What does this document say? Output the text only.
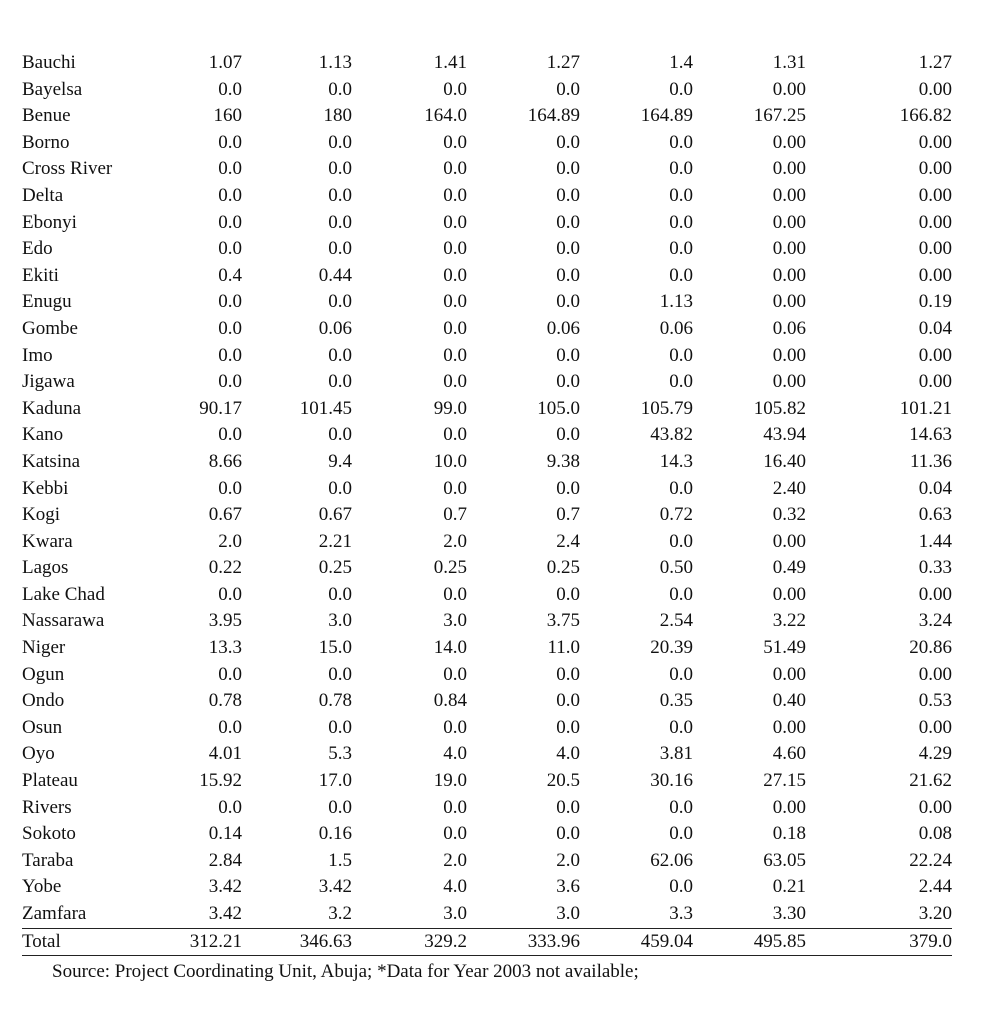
Bauchi	1.07	1.13	1.41	1.27	1.4	1.31	1.27
Bayelsa	0.0	0.0	0.0	0.0	0.0	0.00	0.00
Benue	160	180	164.0	164.89	164.89	167.25	166.82
Borno	0.0	0.0	0.0	0.0	0.0	0.00	0.00
Cross River	0.0	0.0	0.0	0.0	0.0	0.00	0.00
Delta	0.0	0.0	0.0	0.0	0.0	0.00	0.00
Ebonyi	0.0	0.0	0.0	0.0	0.0	0.00	0.00
Edo	0.0	0.0	0.0	0.0	0.0	0.00	0.00
Ekiti	0.4	0.44	0.0	0.0	0.0	0.00	0.00
Enugu	0.0	0.0	0.0	0.0	1.13	0.00	0.19
Gombe	0.0	0.06	0.0	0.06	0.06	0.06	0.04
Imo	0.0	0.0	0.0	0.0	0.0	0.00	0.00
Jigawa	0.0	0.0	0.0	0.0	0.0	0.00	0.00
Kaduna	90.17	101.45	99.0	105.0	105.79	105.82	101.21
Kano	0.0	0.0	0.0	0.0	43.82	43.94	14.63
Katsina	8.66	9.4	10.0	9.38	14.3	16.40	11.36
Kebbi	0.0	0.0	0.0	0.0	0.0	2.40	0.04
Kogi	0.67	0.67	0.7	0.7	0.72	0.32	0.63
Kwara	2.0	2.21	2.0	2.4	0.0	0.00	1.44
Lagos	0.22	0.25	0.25	0.25	0.50	0.49	0.33
Lake Chad	0.0	0.0	0.0	0.0	0.0	0.00	0.00
Nassarawa	3.95	3.0	3.0	3.75	2.54	3.22	3.24
Niger	13.3	15.0	14.0	11.0	20.39	51.49	20.86
Ogun	0.0	0.0	0.0	0.0	0.0	0.00	0.00
Ondo	0.78	0.78	0.84	0.0	0.35	0.40	0.53
Osun	0.0	0.0	0.0	0.0	0.0	0.00	0.00
Oyo	4.01	5.3	4.0	4.0	3.81	4.60	4.29
Plateau	15.92	17.0	19.0	20.5	30.16	27.15	21.62
Rivers	0.0	0.0	0.0	0.0	0.0	0.00	0.00
Sokoto	0.14	0.16	0.0	0.0	0.0	0.18	0.08
Taraba	2.84	1.5	2.0	2.0	62.06	63.05	22.24
Yobe	3.42	3.42	4.0	3.6	0.0	0.21	2.44
Zamfara	3.42	3.2	3.0	3.0	3.3	3.30	3.20
Total	312.21	346.63	329.2	333.96	459.04	495.85	379.0
Source: Project Coordinating Unit, Abuja; *Data for Year 2003 not available;
